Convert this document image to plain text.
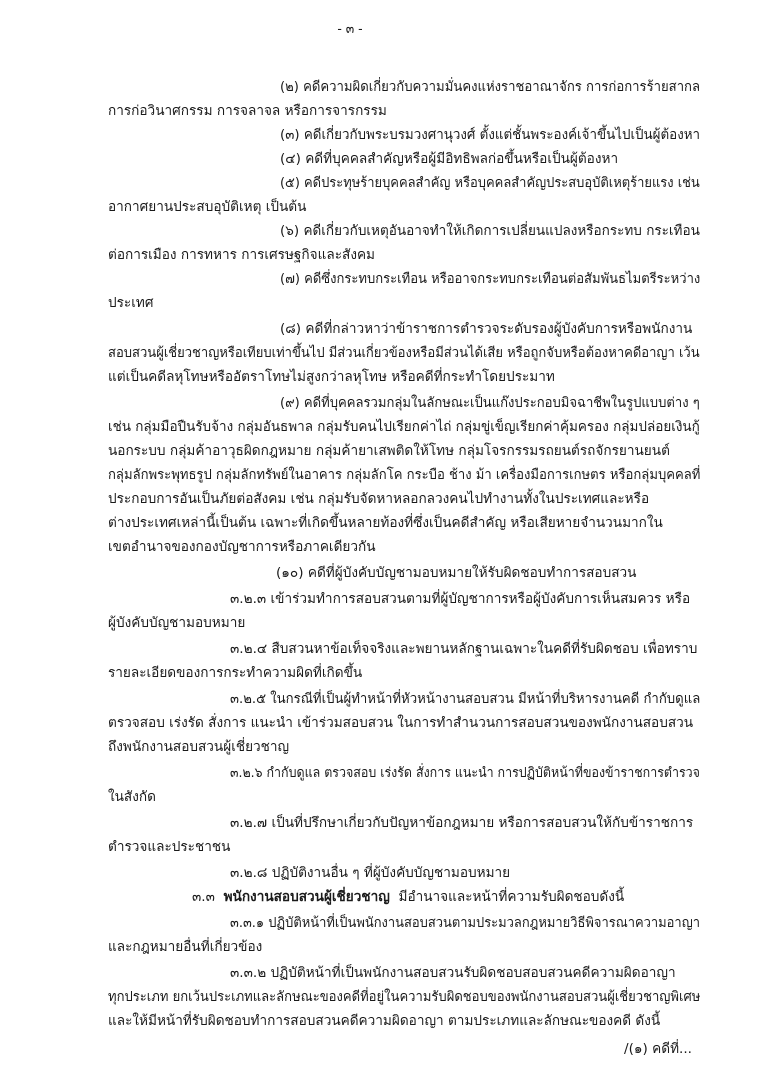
- ๓ -
(๒) คดีความผิดเกี่ยวกับความมั่นคงแห่งราชอาณาจักร การก่อการร้ายสากล
การก่อวินาศกรรม การจลาจล หรือการจารกรรม
(๓) คดีเกี่ยวกับพระบรมวงศานุวงศ์ ตั้งแต่ชั้นพระองค์เจ้าขึ้นไปเป็นผู้ต้องหา
(๔) คดีที่บุคคลสำคัญหรือผู้มีอิทธิพลก่อขึ้นหรือเป็นผู้ต้องหา
(๕) คดีประทุษร้ายบุคคลสำคัญ หรือบุคคลสำคัญประสบอุบัติเหตุร้ายแรง เช่น
อากาศยานประสบอุบัติเหตุ เป็นต้น
(๖) คดีเกี่ยวกับเหตุอันอาจทำให้เกิดการเปลี่ยนแปลงหรือกระทบ กระเทือน
ต่อการเมือง การทหาร การเศรษฐกิจและสังคม
(๗) คดีซึ่งกระทบกระเทือน หรืออาจกระทบกระเทือนต่อสัมพันธไมตรีระหว่าง
ประเทศ
(๘) คดีที่กล่าวหาว่าข้าราชการตำรวจระดับรองผู้บังคับการหรือพนักงาน
สอบสวนผู้เชี่ยวชาญหรือเทียบเท่าขึ้นไป มีส่วนเกี่ยวข้องหรือมีส่วนได้เสีย หรือถูกจับหรือต้องหาคดีอาญา เว้น
แต่เป็นคดีลหุโทษหรืออัตราโทษไม่สูงกว่าลหุโทษ หรือคดีที่กระทำโดยประมาท
(๙) คดีที่บุคคลรวมกลุ่มในลักษณะเป็นแก๊งประกอบมิจฉาชีพในรูปแบบต่าง ๆ
เช่น กลุ่มมือปืนรับจ้าง กลุ่มอันธพาล กลุ่มรับคนไปเรียกค่าไถ่ กลุ่มขู่เข็ญเรียกค่าคุ้มครอง กลุ่มปล่อยเงินกู้
นอกระบบ กลุ่มค้าอาวุธผิดกฎหมาย กลุ่มค้ายาเสพติดให้โทษ กลุ่มโจรกรรมรถยนต์รถจักรยานยนต์
กลุ่มลักพระพุทธรูป กลุ่มลักทรัพย์ในอาคาร กลุ่มลักโค กระบือ ช้าง ม้า เครื่องมือการเกษตร หรือกลุ่มบุคคลที่
ประกอบการอันเป็นภัยต่อสังคม เช่น กลุ่มรับจัดหาหลอกลวงคนไปทำงานทั้งในประเทศและหรือ
ต่างประเทศเหล่านี้เป็นต้น เฉพาะที่เกิดขึ้นหลายท้องที่ซึ่งเป็นคดีสำคัญ หรือเสียหายจำนวนมากใน
เขตอำนาจของกองบัญชาการหรือภาคเดียวกัน
(๑๐) คดีที่ผู้บังคับบัญชามอบหมายให้รับผิดชอบทำการสอบสวน
๓.๒.๓ เข้าร่วมทำการสอบสวนตามที่ผู้บัญชาการหรือผู้บังคับการเห็นสมควร หรือ
ผู้บังคับบัญชามอบหมาย
๓.๒.๔ สืบสวนหาข้อเท็จจริงและพยานหลักฐานเฉพาะในคดีที่รับผิดชอบ เพื่อทราบ
รายละเอียดของการกระทำความผิดที่เกิดขึ้น
๓.๒.๕ ในกรณีที่เป็นผู้ทำหน้าที่หัวหน้างานสอบสวน มีหน้าที่บริหารงานคดี กำกับดูแล
ตรวจสอบ เร่งรัด สั่งการ แนะนำ เข้าร่วมสอบสวน ในการทำสำนวนการสอบสวนของพนักงานสอบสวน
ถึงพนักงานสอบสวนผู้เชี่ยวชาญ
๓.๒.๖ กำกับดูแล ตรวจสอบ เร่งรัด สั่งการ แนะนำ การปฏิบัติหน้าที่ของข้าราชการตำรวจ
ในสังกัด
๓.๒.๗ เป็นที่ปรึกษาเกี่ยวกับปัญหาข้อกฎหมาย หรือการสอบสวนให้กับข้าราชการ
ตำรวจและประชาชน
๓.๒.๘ ปฏิบัติงานอื่น ๆ ที่ผู้บังคับบัญชามอบหมาย
๓.๓ พนักงานสอบสวนผู้เชี่ยวชาญ มีอำนาจและหน้าที่ความรับผิดชอบดังนี้
๓.๓.๑ ปฏิบัติหน้าที่เป็นพนักงานสอบสวนตามประมวลกฎหมายวิธีพิจารณาความอาญา
และกฎหมายอื่นที่เกี่ยวข้อง
๓.๓.๒ ปฏิบัติหน้าที่เป็นพนักงานสอบสวนรับผิดชอบสอบสวนคดีความผิดอาญา
ทุกประเภท ยกเว้นประเภทและลักษณะของคดีที่อยู่ในความรับผิดชอบของพนักงานสอบสวนผู้เชี่ยวชาญพิเศษ
และให้มีหน้าที่รับผิดชอบทำการสอบสวนคดีความผิดอาญา ตามประเภทและลักษณะของคดี ดังนี้
/(๑) คดีที่...
